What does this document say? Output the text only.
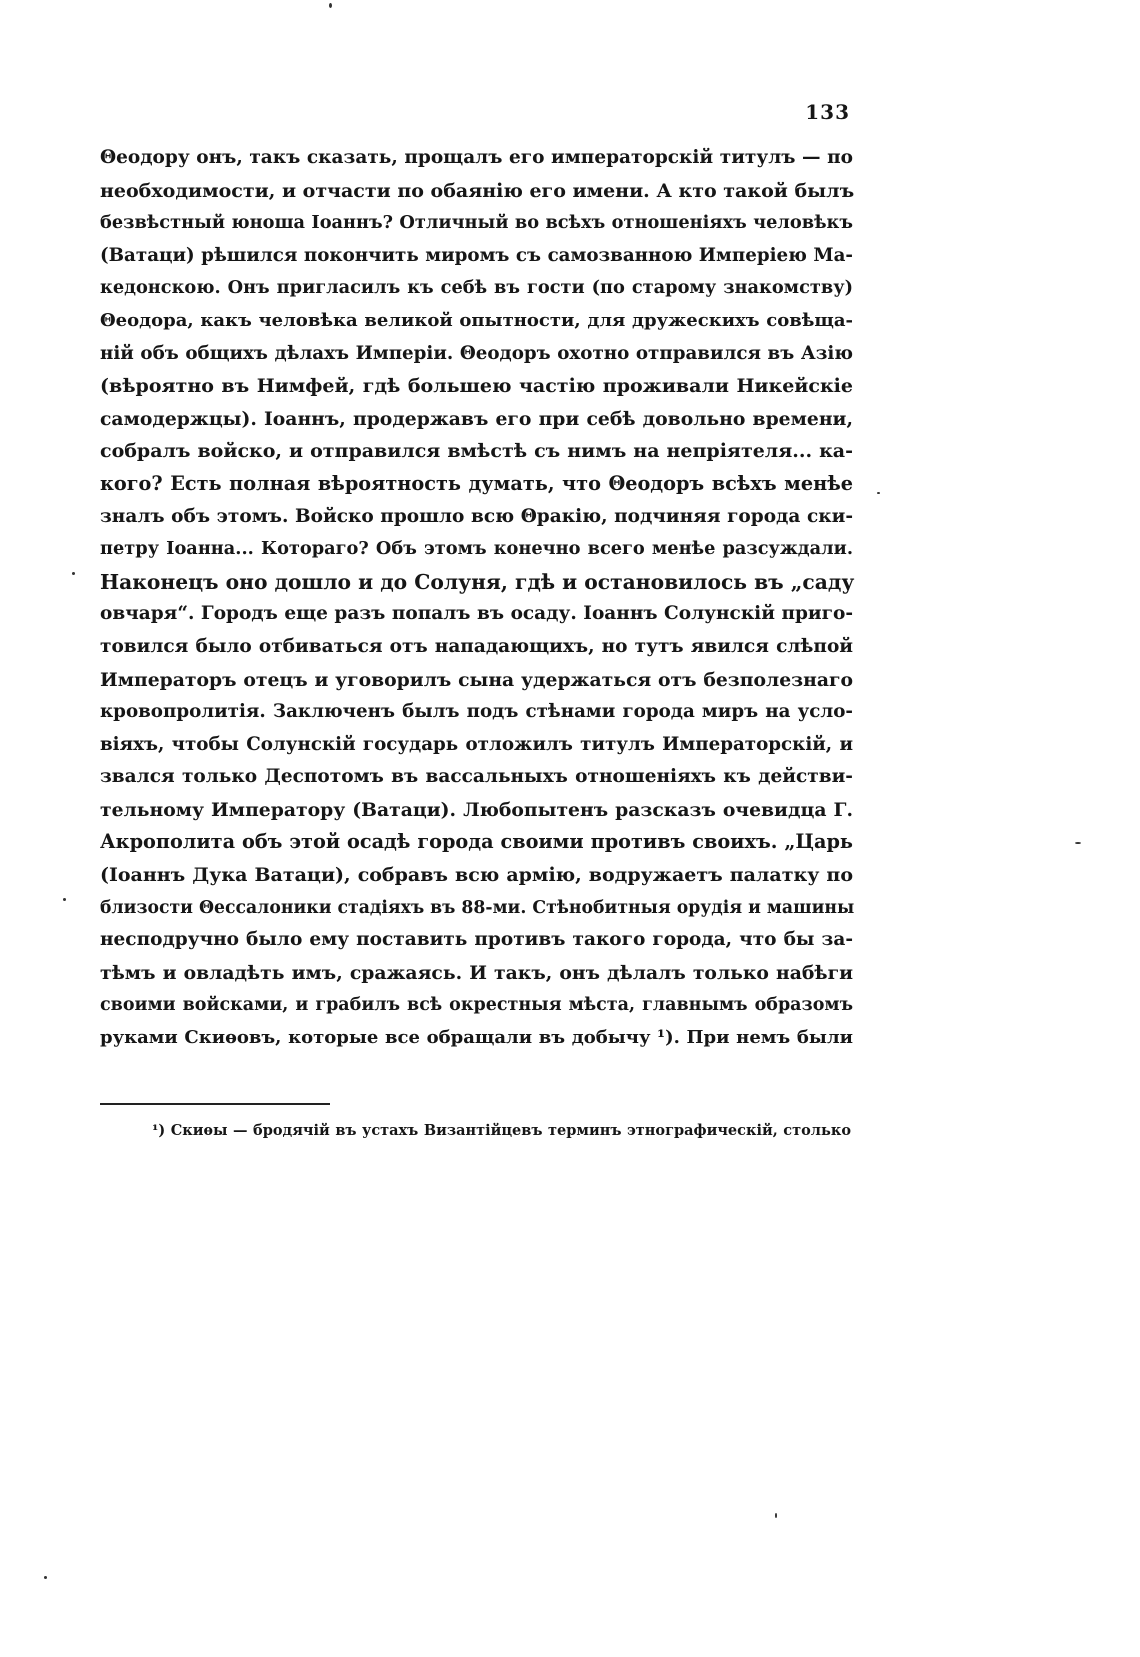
133
Θеодору онъ, такъ сказать, прощалъ его императорскій титулъ — по
необходимости, и отчасти по обаянію его имени. А кто такой былъ
безвѣстный юноша Іоаннъ? Отличный во всѣхъ отношеніяхъ человѣкъ
(Ватаци) рѣшился покончить миромъ съ самозванною Имперіею Ма-
кедонскою. Онъ пригласилъ къ себѣ въ гости (по старому знакомству)
Θеодора, какъ человѣка великой опытности, для дружескихъ совѣща-
ній объ общихъ дѣлахъ Имперіи. Θеодоръ охотно отправился въ Азію
(вѣроятно въ Нимфей, гдѣ большею частію проживали Никейскіе
самодержцы). Іоаннъ, продержавъ его при себѣ довольно времени,
собралъ войско, и отправился вмѣстѣ съ нимъ на непріятеля... ка-
кого? Есть полная вѣроятность думать, что Θеодоръ всѣхъ менѣе
зналъ объ этомъ. Войско прошло всю Θракію, подчиняя города ски-
петру Іоанна... Котораго? Объ этомъ конечно всего менѣе разсуждали.
Наконецъ оно дошло и до Солуня, гдѣ и остановилось въ „саду
овчаря“. Городъ еще разъ попалъ въ осаду. Іоаннъ Солунскій приго-
товился было отбиваться отъ нападающихъ, но тутъ явился слѣпой
Императоръ отецъ и уговорилъ сына удержаться отъ безполезнаго
кровопролитія. Заключенъ былъ подъ стѣнами города миръ на усло-
віяхъ, чтобы Солунскій государь отложилъ титулъ Императорскій, и
звался только Деспотомъ въ вассальныхъ отношеніяхъ къ действи-
тельному Императору (Ватаци). Любопытенъ разсказъ очевидца Г.
Акрополита объ этой осадѣ города своими противъ своихъ. „Царь
(Іоаннъ Дука Ватаци), собравъ всю армію, водружаетъ палатку по
близости Θессалоники стадіяхъ въ 88-ми. Стѣнобитныя орудія и машины
несподручно было ему поставить противъ такого города, что бы за-
тѣмъ и овладѣть имъ, сражаясь. И такъ, онъ дѣлалъ только набѣги
своими войсками, и грабилъ всѣ окрестныя мѣста, главнымъ образомъ
руками Скиѳовъ, которые все обращали въ добычу ¹). При немъ были
¹) Скиѳы — бродячій въ устахъ Византійцевъ терминъ этнографическій, столько
